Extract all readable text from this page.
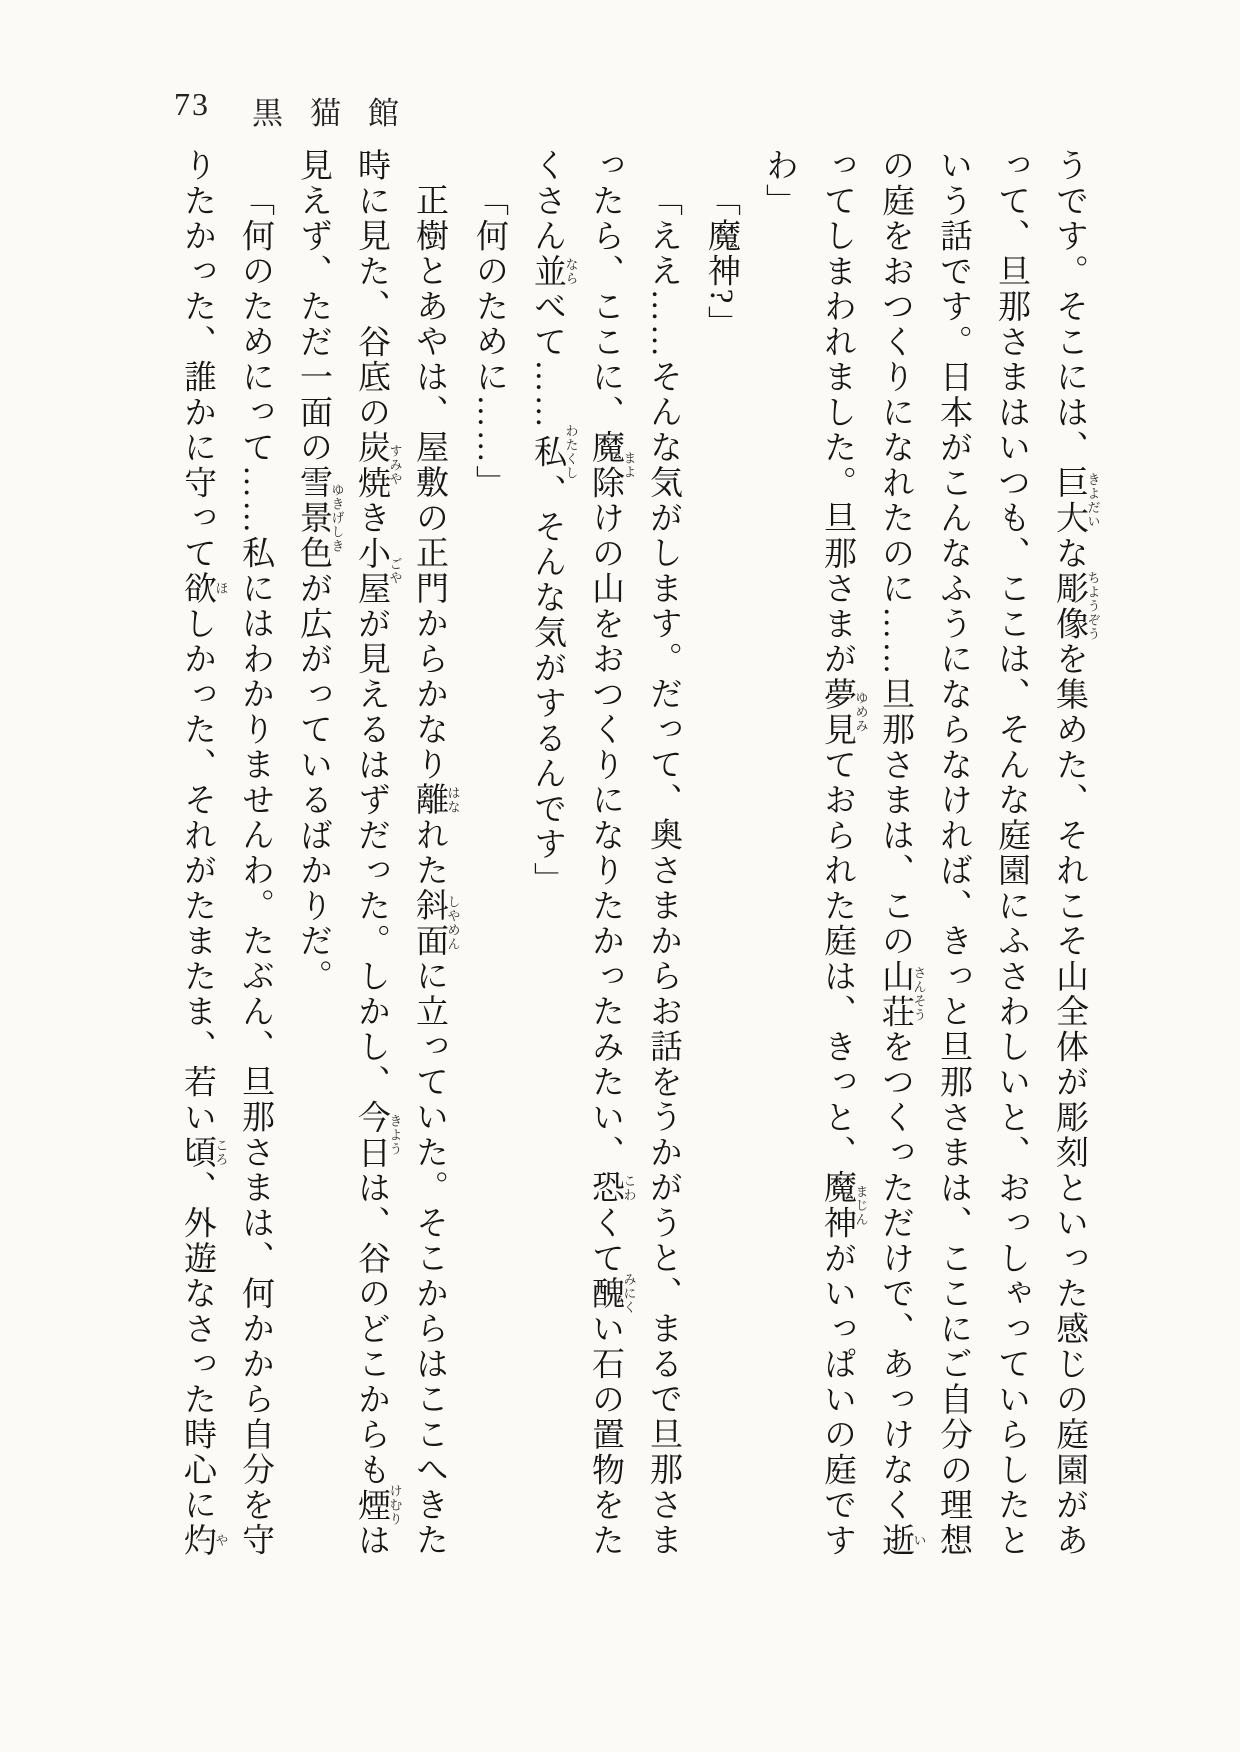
73 黒猫館

うです。そこには、巨大きよだいな彫像ちようぞうを集めた、それこそ山全体が彫刻といった感じの庭園があって、旦那さまはいつも、ここは、そんな庭園にふさわしいと、おっしゃっていらしたという話です。日本がこんなふうにならなければ、きっと旦那さまは、ここにご自分の理想の庭をおつくりになれたのに……旦那さまは、この山荘さんそうをつくっただけで、あっけなく逝いってしまわれました。旦那さまが夢見ゆめみておられた庭は、きっと、魔神まじんがいっぱいの庭ですわ」

「魔神?」

「ええ……そんな気がします。だって、奥さまからお話をうかがうと、まるで旦那さまったら、ここに、魔除まよけの山をおつくりになりたかったみたい、恐こわくて醜みにくい石の置物をたくさん並ならべて……私わたくし、そんな気がするんです」

「何のために……」

正樹とあやは、屋敷の正門からかなり離はなれた斜面しやめんに立っていた。そこからはここへきた時に見た、谷底の炭焼すみやき小屋ごやが見えるはずだった。しかし、今日きようは、谷のどこからも煙けむりは見えず、ただ一面の雪景色ゆきげしきが広がっているばかりだ。

「何のためにって……私にはわかりませんわ。たぶん、旦那さまは、何かから自分を守りたかった、誰かに守って欲ほしかった、それがたまたま、若い頃ころ、外遊なさった時心に灼や
